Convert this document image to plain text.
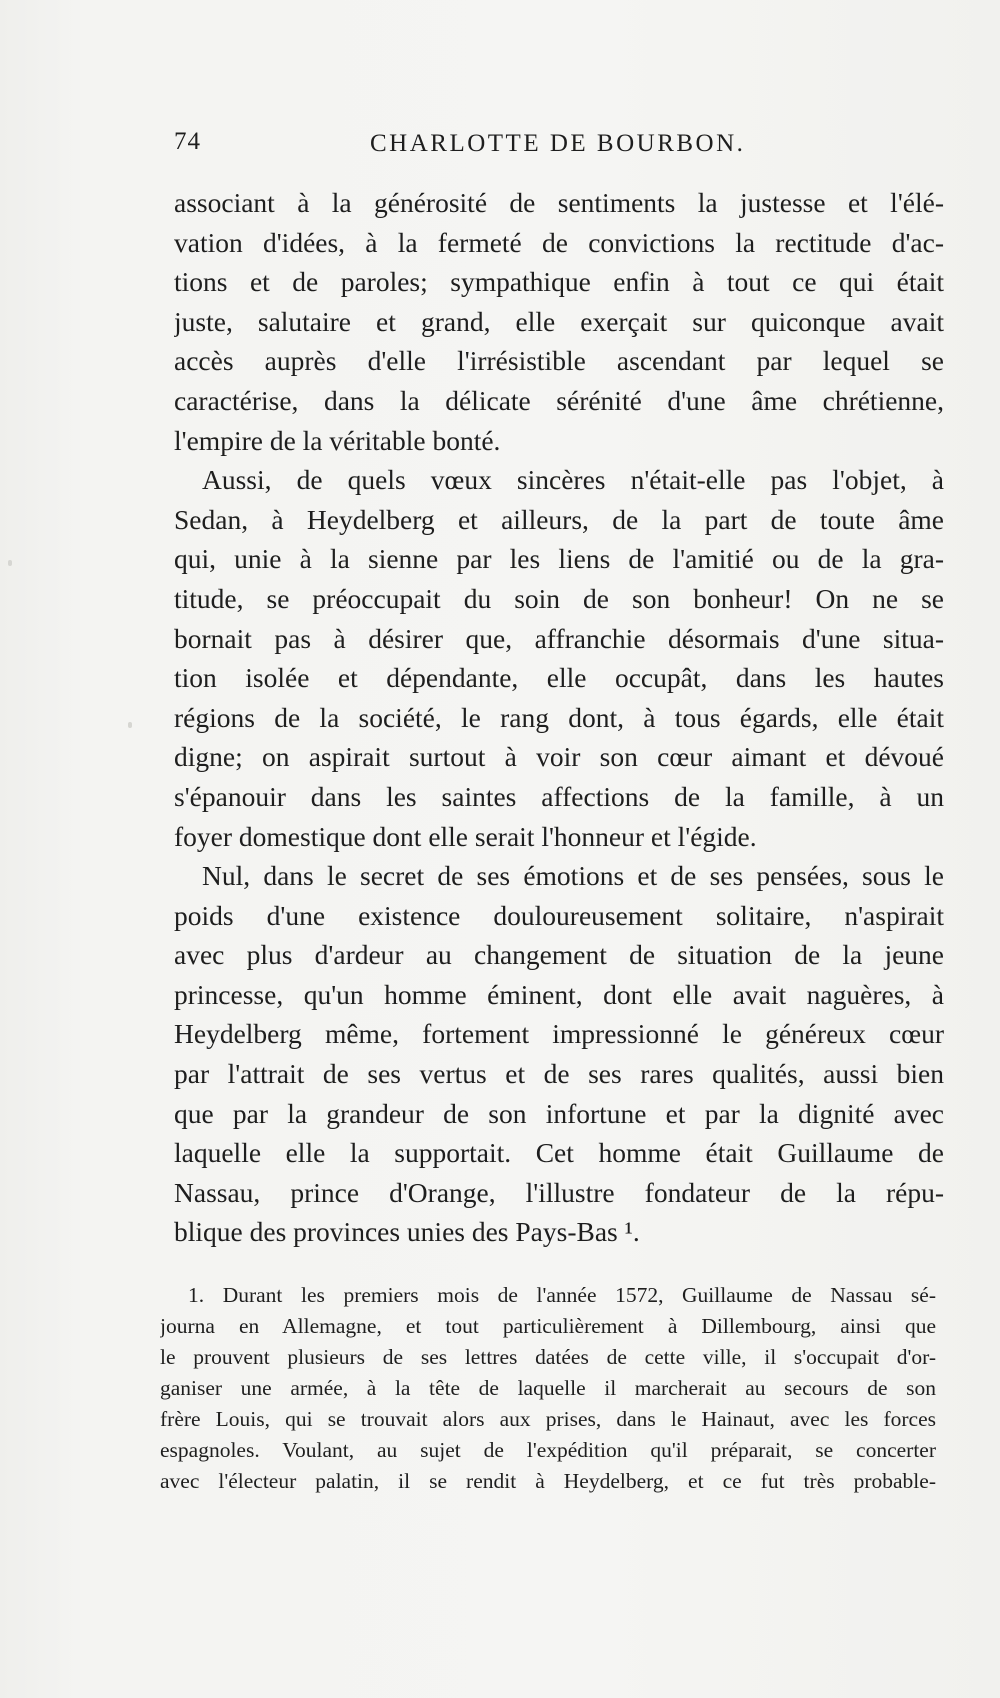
74	CHARLOTTE DE BOURBON.
associant à la générosité de sentiments la justesse et l'élé-
vation d'idées, à la fermeté de convictions la rectitude d'ac-
tions et de paroles; sympathique enfin à tout ce qui était
juste, salutaire et grand, elle exerçait sur quiconque avait
accès auprès d'elle l'irrésistible ascendant par lequel se
caractérise, dans la délicate sérénité d'une âme chrétienne,
l'empire de la véritable bonté.
Aussi, de quels vœux sincères n'était-elle pas l'objet, à
Sedan, à Heydelberg et ailleurs, de la part de toute âme
qui, unie à la sienne par les liens de l'amitié ou de la gra-
titude, se préoccupait du soin de son bonheur! On ne se
bornait pas à désirer que, affranchie désormais d'une situa-
tion isolée et dépendante, elle occupât, dans les hautes
régions de la société, le rang dont, à tous égards, elle était
digne; on aspirait surtout à voir son cœur aimant et dévoué
s'épanouir dans les saintes affections de la famille, à un
foyer domestique dont elle serait l'honneur et l'égide.
Nul, dans le secret de ses émotions et de ses pensées, sous le
poids d'une existence douloureusement solitaire, n'aspirait
avec plus d'ardeur au changement de situation de la jeune
princesse, qu'un homme éminent, dont elle avait naguères, à
Heydelberg même, fortement impressionné le généreux cœur
par l'attrait de ses vertus et de ses rares qualités, aussi bien
que par la grandeur de son infortune et par la dignité avec
laquelle elle la supportait. Cet homme était Guillaume de
Nassau, prince d'Orange, l'illustre fondateur de la répu-
blique des provinces unies des Pays-Bas ¹.
1. Durant les premiers mois de l'année 1572, Guillaume de Nassau sé-
journa en Allemagne, et tout particulièrement à Dillembourg, ainsi que
le prouvent plusieurs de ses lettres datées de cette ville, il s'occupait d'or-
ganiser une armée, à la tête de laquelle il marcherait au secours de son
frère Louis, qui se trouvait alors aux prises, dans le Hainaut, avec les forces
espagnoles. Voulant, au sujet de l'expédition qu'il préparait, se concerter
avec l'électeur palatin, il se rendit à Heydelberg, et ce fut très probable-
